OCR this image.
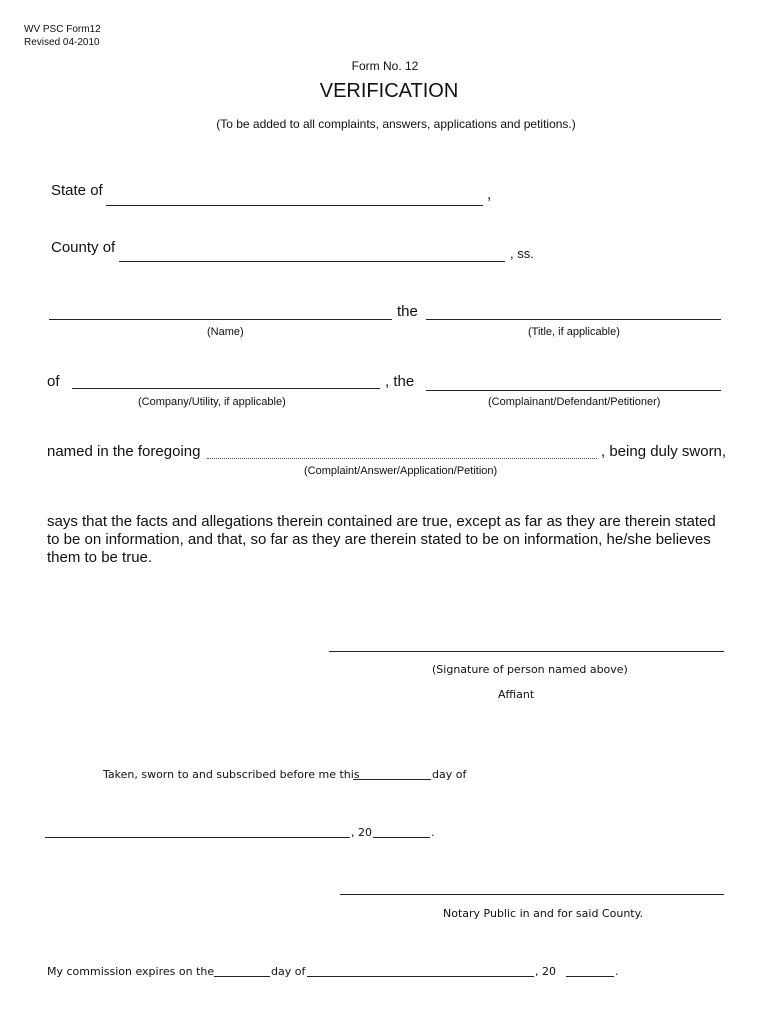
WV PSC Form12
Revised 04-2010
Form No. 12
VERIFICATION
(To be added to all complaints, answers, applications and petitions.)
State of	,
County of	, ss.
the
(Name)	(Title, if applicable)
of	, the
(Company/Utility, if applicable)	(Complainant/Defendant/Petitioner)
named in the foregoing	, being duly sworn,
(Complaint/Answer/Application/Petition)
says that the facts and allegations therein contained are true, except as far as they are therein stated
to be on information, and that, so far as they are therein stated to be on information, he/she believes
them to be true.
(Signature of person named above)
Affiant
Taken, sworn to and subscribed before me this	day of
, 20	.
Notary Public in and for said County.
My commission expires on the	day of	, 20	.
